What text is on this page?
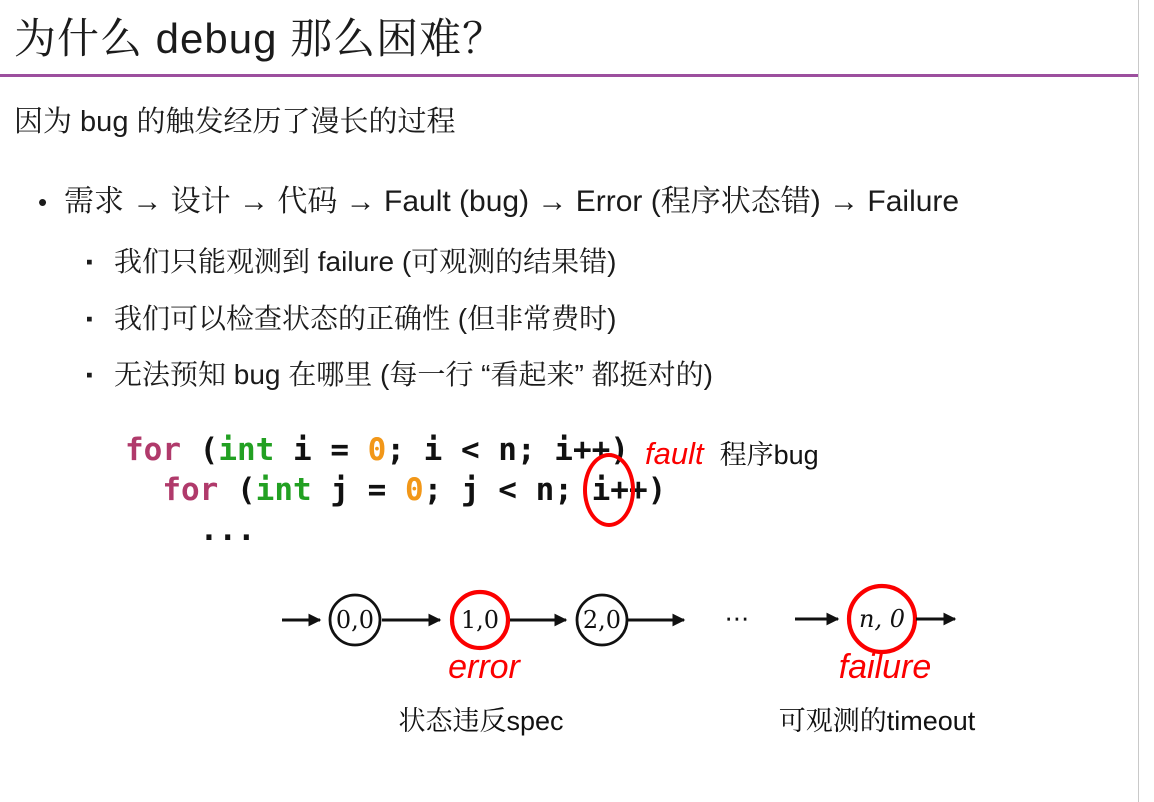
为什么 debug 那么困难？
因为 bug 的触发经历了漫长的过程
• 需求 → 设计 → 代码 → Fault (bug) → Error (程序状态错) → Failure
▪ 我们只能观测到 failure (可观测的结果错)
▪ 我们可以检查状态的正确性 (但非常费时)
▪ 无法预知 bug 在哪里 (每一行 “看起来” 都挺对的)
for (int i = 0; i < n; i++)
for (int j = 0; j < n; i++)
...
fault 程序bug
0,0	1,0	2,0	⋯	n, 0
error
状态违反spec
failure
可观测的timeout
